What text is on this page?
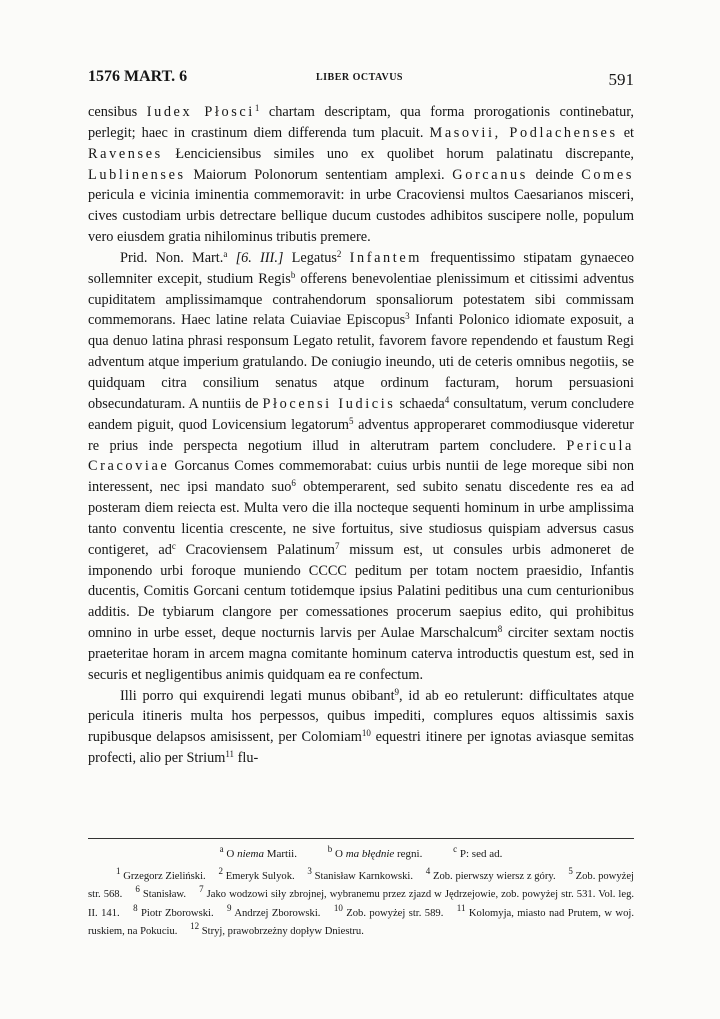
1576 MART. 6	LIBER OCTAVUS	591

censibus Iudex Płosci$^1$ chartam descriptam, qua forma prorogationis continebatur, perlegit; haec in crastinum diem differenda tum placuit. Masovii, Podlachenses et Ravenses Łenciciensibus similes uno ex quolibet horum palatinatu discrepante, Lublinenses Maiorum Polonorum sententiam amplexi. Gorcanus deinde Comes pericula e vicinia iminentia commemoravit: in urbe Cracoviensi multos Caesarianos misceri, cives custodiam urbis detrectare bellique ducum custodes adhibitos suscipere nolle, populum vero eiusdem gratia nihilominus tributis premere.

Prid. Non. Mart.$^a$ [6. III.] Legatus$^2$ Infantem frequentissimo stipatam gynaeceo sollemniter excepit, studium Regis$^b$ offerens benevolentiae plenissimum et citissimi adventus cupiditatem amplissimamque contrahendorum sponsaliorum potestatem sibi commissam commemorans. Haec latine relata Cuiaviae Episcopus$^3$ Infanti Polonico idiomate exposuit, a qua denuo latina phrasi responsum Legato retulit, favorem favore rependendo et faustum Regi adventum atque imperium gratulando. De coniugio ineundo, uti de ceteris omnibus negotiis, se quidquam citra consilium senatus atque ordinum facturam, horum persuasioni obsecundaturam. A nuntiis de Płocensi Iudicis schaeda$^4$ consultatum, verum concludere eandem piguit, quod Lovicensium legatorum$^5$ adventus approperaret commodiusque videretur re prius inde perspecta negotium illud in alterutram partem concludere. Pericula Cracoviae Gorcanus Comes commemorabat: cuius urbis nuntii de lege moreque sibi non interessent, nec ipsi mandato suo$^6$ obtemperarent, sed subito senatu discedente res ea ad posteram diem reiecta est. Multa vero die illa nocteque sequenti hominum in urbe amplissima tanto conventu licentia crescente, ne sive fortuitus, sive studiosus quispiam adversus casus contigeret, $ad^c$ Cracoviensem Palatinum$^7$ missum est, ut consules urbis admoneret de imponendo urbi foroque muniendo CCCC peditum per totam noctem praesidio, Infantis ducentis, Comitis Gorcani centum totidemque ipsius Palatini peditibus una cum centurionibus additis. De tybiarum clangore per comessationes procerum saepius edito, qui prohibitus omnino in urbe esset, deque nocturnis larvis per Aulae Marschalcum$^8$ circiter sextam noctis praeteritae horam in arcem magna comitante hominum caterva introductis questum est, sed in securis et negligentibus animis quidquam ea re confectum.

Illi porro qui exquirendi legati munus obibant$^9$, id ab eo retulerunt: difficultates atque pericula itineris multa hos perpessos, quibus impediti, complures equos altissimis saxis rupibusque delapsos amisissent, per Colomiam$^{10}$ equestri itinere per ignotas aviasque semitas profecti, alio per Strium$^{11}$ flu-

$^a$ O niema Martii.	$^b$ O ma błędnie regni.	$^c$ P: sed ad.
$^1$ Grzegorz Zieliński. $^2$ Emeryk Sulyok. $^3$ Stanisław Karnkowski. $^4$ Zob. pierwszy wiersz z góry. $^5$ Zob. powyżej str. 568. $^6$ Stanisław. $^7$ Jako wodzowi siły zbrojnej, wybranemu przez zjazd w Jędrzejowie, zob. powyżej str. 531. Vol. leg. II. 141. $^8$ Piotr Zborowski. $^9$ Andrzej Zborowski. $^{10}$ Zob. powyżej str. 589. $^{11}$ Kolomyja, miasto nad Prutem, w woj. ruskiem, na Pokuciu. $^{12}$ Stryj, prawobrzeżny dopływ Dniestru.
